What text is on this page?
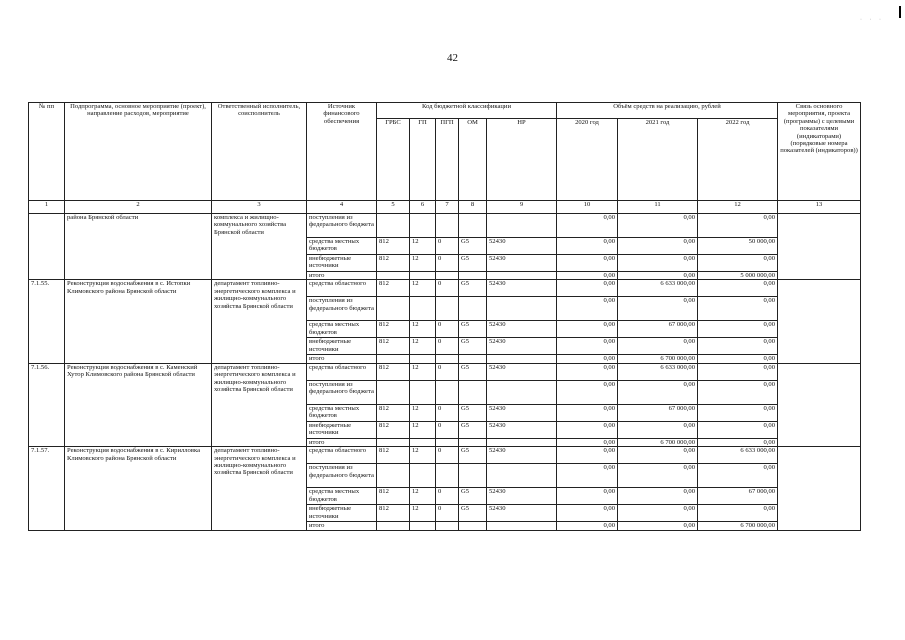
· · ·
42
№ пп	Подпрограмма, основное мероприятие (проект), направление расходов, мероприятие	Ответственный исполнитель, соисполнитель	Источник финансового обеспечения	Код бюджетной классификации					Объём средств на реализацию, рублей			Связь основного мероприятия, проекта (программы) с целевыми показателями (индикаторами) (порядковые номера показателей (индикаторов))
				ГРБС	ГП	ПГП	ОМ	НР	2020 год	2021 год	2022 год	
1	2	3	4	5	6	7	8	9	10	11	12	13
	района Брянской области	комплекса и жилищно-коммунального хозяйства Брянской области	поступления из федерального бюджета						0,00	0,00	0,00	
			средства местных бюджетов	812	12	0	G5	52430	0,00	0,00	50 000,00	
			внебюджетные источники	812	12	0	G5	52430	0,00	0,00	0,00	
			итого						0,00	0,00	5 000 000,00	
7.1.55.	Реконструкция водоснабжения в с. Истопки Климовского района Брянской области	департамент топливно-энергетического комплекса и жилищно-коммунального хозяйства Брянской области	средства областного	812	12	0	G5	52430	0,00	6 633 000,00	0,00	
			поступления из федерального бюджета						0,00	0,00	0,00	
			средства местных бюджетов	812	12	0	G5	52430	0,00	67 000,00	0,00	
			внебюджетные источники	812	12	0	G5	52430	0,00	0,00	0,00	
			итого						0,00	6 700 000,00	0,00	
7.1.56.	Реконструкция водоснабжения в с. Каменский Хутор Климовского района Брянской области	департамент топливно-энергетического комплекса и жилищно-коммунального хозяйства Брянской области	средства областного	812	12	0	G5	52430	0,00	6 633 000,00	0,00	
			поступления из федерального бюджета						0,00	0,00	0,00	
			средства местных бюджетов	812	12	0	G5	52430	0,00	67 000,00	0,00	
			внебюджетные источники	812	12	0	G5	52430	0,00	0,00	0,00	
			итого						0,00	6 700 000,00	0,00	
7.1.57.	Реконструкция водоснабжения в с. Кирилловка Климовского района Брянской области	департамент топливно-энергетического комплекса и жилищно-коммунального хозяйства Брянской области	средства областного	812	12	0	G5	52430	0,00	0,00	6 633 000,00	
			поступления из федерального бюджета						0,00	0,00	0,00	
			средства местных бюджетов	812	12	0	G5	52430	0,00	0,00	67 000,00	
			внебюджетные источники	812	12	0	G5	52430	0,00	0,00	0,00	
			итого						0,00	0,00	6 700 000,00	
